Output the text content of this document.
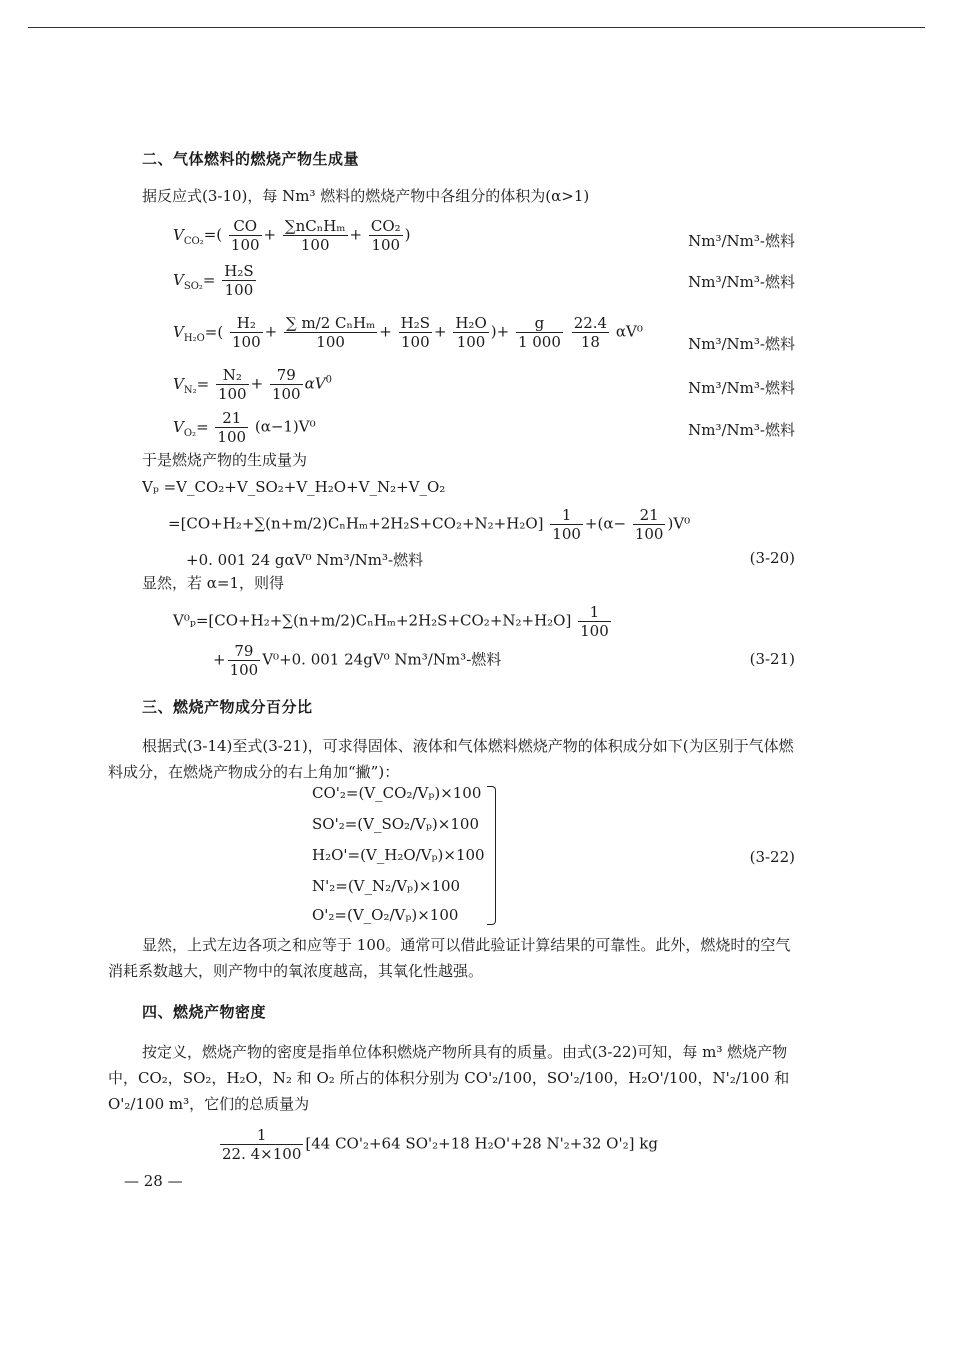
二、气体燃料的燃烧产物生成量
据反应式(3-10)，每 Nm³ 燃料的燃烧产物中各组分的体积为(α>1)
$V_{CO_2}=( \frac{CO}{100} + \frac{\text{∑nCₙHₘ}}{100} + \frac{\text{CO₂}}{100}$ )	Nm³/Nm³-燃料
$V_{SO_2}= \frac{\text{H₂S}}{100}$	Nm³/Nm³-燃料
$V_{H_2O}=( \frac{\text{H₂}}{100} + \frac{\text{∑ m/2 CₙHₘ}}{100} + \frac{\text{H₂S}}{100} + \frac{\text{H₂O}}{100}$ )+ $\frac{g}{1 000}$
$\frac{22.4}{18} \alpha V^0$
Nm³/Nm³-燃料
$V_{N_2}= \frac{\text{N₂}}{100} + \frac{79}{100} \alpha V^0$	Nm³/Nm³-燃料
$V_{O_2}= \frac{21}{100} (\alpha-1)V^0$	Nm³/Nm³-燃料
于是燃烧产物的生成量为
Vₚ =V_CO₂+V_SO₂+V_H₂O+V_N₂+V_O₂
$=[CO+H_2+\sum(n+m/2)C_nH_m+2H_2S+CO_2+N_2+H_2O] \frac{1}{100} +(\alpha- \frac{21}{100} )V^0$
+0. 001 24 gαV⁰ Nm³/Nm³-燃料	(3-20)
显然，若 α=1，则得
$V^0_p=[CO+H_2+\sum(n+m/2)C_nH_m+2H_2S+CO_2+N_2+H_2O] \frac{1}{100}$
+ $\frac{79}{100} V^0+0$. 001 24gV⁰ Nm³/Nm³-燃料	(3-21)
三、燃烧产物成分百分比
根据式(3-14)至式(3-21)，可求得固体、液体和气体燃料燃烧产物的体积成分如下(为区别于气体燃料成分，在燃烧产物成分的右上角加“撇”)：
CO'₂=(V_CO₂/Vₚ)×100
SO'₂=(V_SO₂/Vₚ)×100
H₂O'=(V_H₂O/Vₚ)×100
N'₂=(V_N₂/Vₚ)×100
O'₂=(V_O₂/Vₚ)×100
(3-22)
显然，上式左边各项之和应等于 100。通常可以借此验证计算结果的可靠性。此外，燃烧时的空气消耗系数越大，则产物中的氧浓度越高，其氧化性越强。
四、燃烧产物密度
按定义，燃烧产物的密度是指单位体积燃烧产物所具有的质量。由式(3-22)可知，每 m³ 燃烧产物中，CO₂，SO₂，H₂O，N₂ 和 O₂ 所占的体积分别为 CO'₂/100，SO'₂/100，H₂O'/100，N'₂/100 和 O'₂/100 m³，它们的总质量为
$\frac{1}{22. 4\times 100} [44$ CO'₂+64 SO'₂+18 H₂O'+28 N'₂+32 O'₂] kg
— 28 —
